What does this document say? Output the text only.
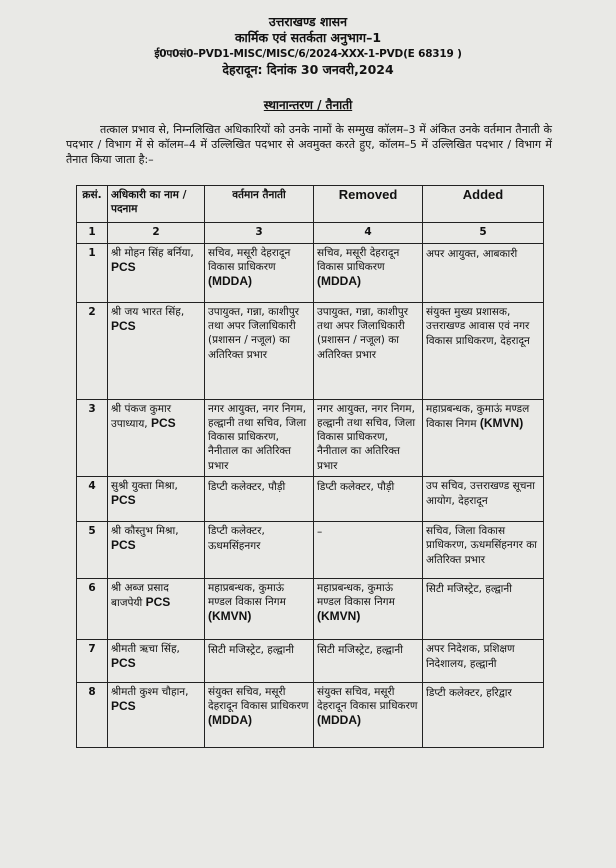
उत्तराखण्ड शासन
कार्मिक एवं सतर्कता अनुभाग–1
ई0प0सं0–PVD1-MISC/MISC/6/2024-XXX-1-PVD(E 68319 )
देहरादून: दिनांक 30 जनवरी,2024
स्थानान्तरण / तैनाती
तत्काल प्रभाव से, निम्नलिखित अधिकारियों को उनके नामों के सम्मुख कॉलम–3 में अंकित उनके वर्तमान तैनाती के पदभार / विभाग में से कॉलम–4 में उल्लिखित पदभार से अवमुक्त करते हुए, कॉलम–5 में उल्लिखित पदभार / विभाग में तैनात किया जाता है:–
क्रसं.	अधिकारी का नाम / पदनाम	वर्तमान तैनाती	Removed	Added
1	2	3	4	5
1	श्री मोहन सिंह बर्निया, PCS	सचिव, मसूरी देहरादून विकास प्राधिकरण (MDDA)	सचिव, मसूरी देहरादून विकास प्राधिकरण (MDDA)	अपर आयुक्त, आबकारी
2	श्री जय भारत सिंह, PCS	उपायुक्त, गन्ना, काशीपुर तथा अपर जिलाधिकारी (प्रशासन / नजूल) का अतिरिक्त प्रभार	उपायुक्त, गन्ना, काशीपुर तथा अपर जिलाधिकारी (प्रशासन / नजूल) का अतिरिक्त प्रभार	संयुक्त मुख्य प्रशासक, उत्तराखण्ड आवास एवं नगर विकास प्राधिकरण, देहरादून
3	श्री पंकज कुमार उपाध्याय, PCS	नगर आयुक्त, नगर निगम, हल्द्वानी तथा सचिव, जिला विकास प्राधिकरण, नैनीताल का अतिरिक्त प्रभार	नगर आयुक्त, नगर निगम, हल्द्वानी तथा सचिव, जिला विकास प्राधिकरण, नैनीताल का अतिरिक्त प्रभार	महाप्रबन्धक, कुमाऊं मण्डल विकास निगम (KMVN)
4	सुश्री युक्ता मिश्रा, PCS	डिप्टी कलेक्टर, पौड़ी	डिप्टी कलेक्टर, पौड़ी	उप सचिव, उत्तराखण्ड सूचना आयोग, देहरादून
5	श्री कौस्तुभ मिश्रा, PCS	डिप्टी कलेक्टर, ऊधमसिंहनगर	–	सचिव, जिला विकास प्राधिकरण, ऊधमसिंहनगर का अतिरिक्त प्रभार
6	श्री अब्ज प्रसाद बाजपेयी PCS	महाप्रबन्धक, कुमाऊं मण्डल विकास निगम (KMVN)	महाप्रबन्धक, कुमाऊं मण्डल विकास निगम (KMVN)	सिटी मजिस्ट्रेट, हल्द्वानी
7	श्रीमती ऋचा सिंह, PCS	सिटी मजिस्ट्रेट, हल्द्वानी	सिटी मजिस्ट्रेट, हल्द्वानी	अपर निदेशक, प्रशिक्षण निदेशालय, हल्द्वानी
8	श्रीमती कुश्म चौहान, PCS	संयुक्त सचिव, मसूरी देहरादून विकास प्राधिकरण (MDDA)	संयुक्त सचिव, मसूरी देहरादून विकास प्राधिकरण (MDDA)	डिप्टी कलेक्टर, हरिद्वार
